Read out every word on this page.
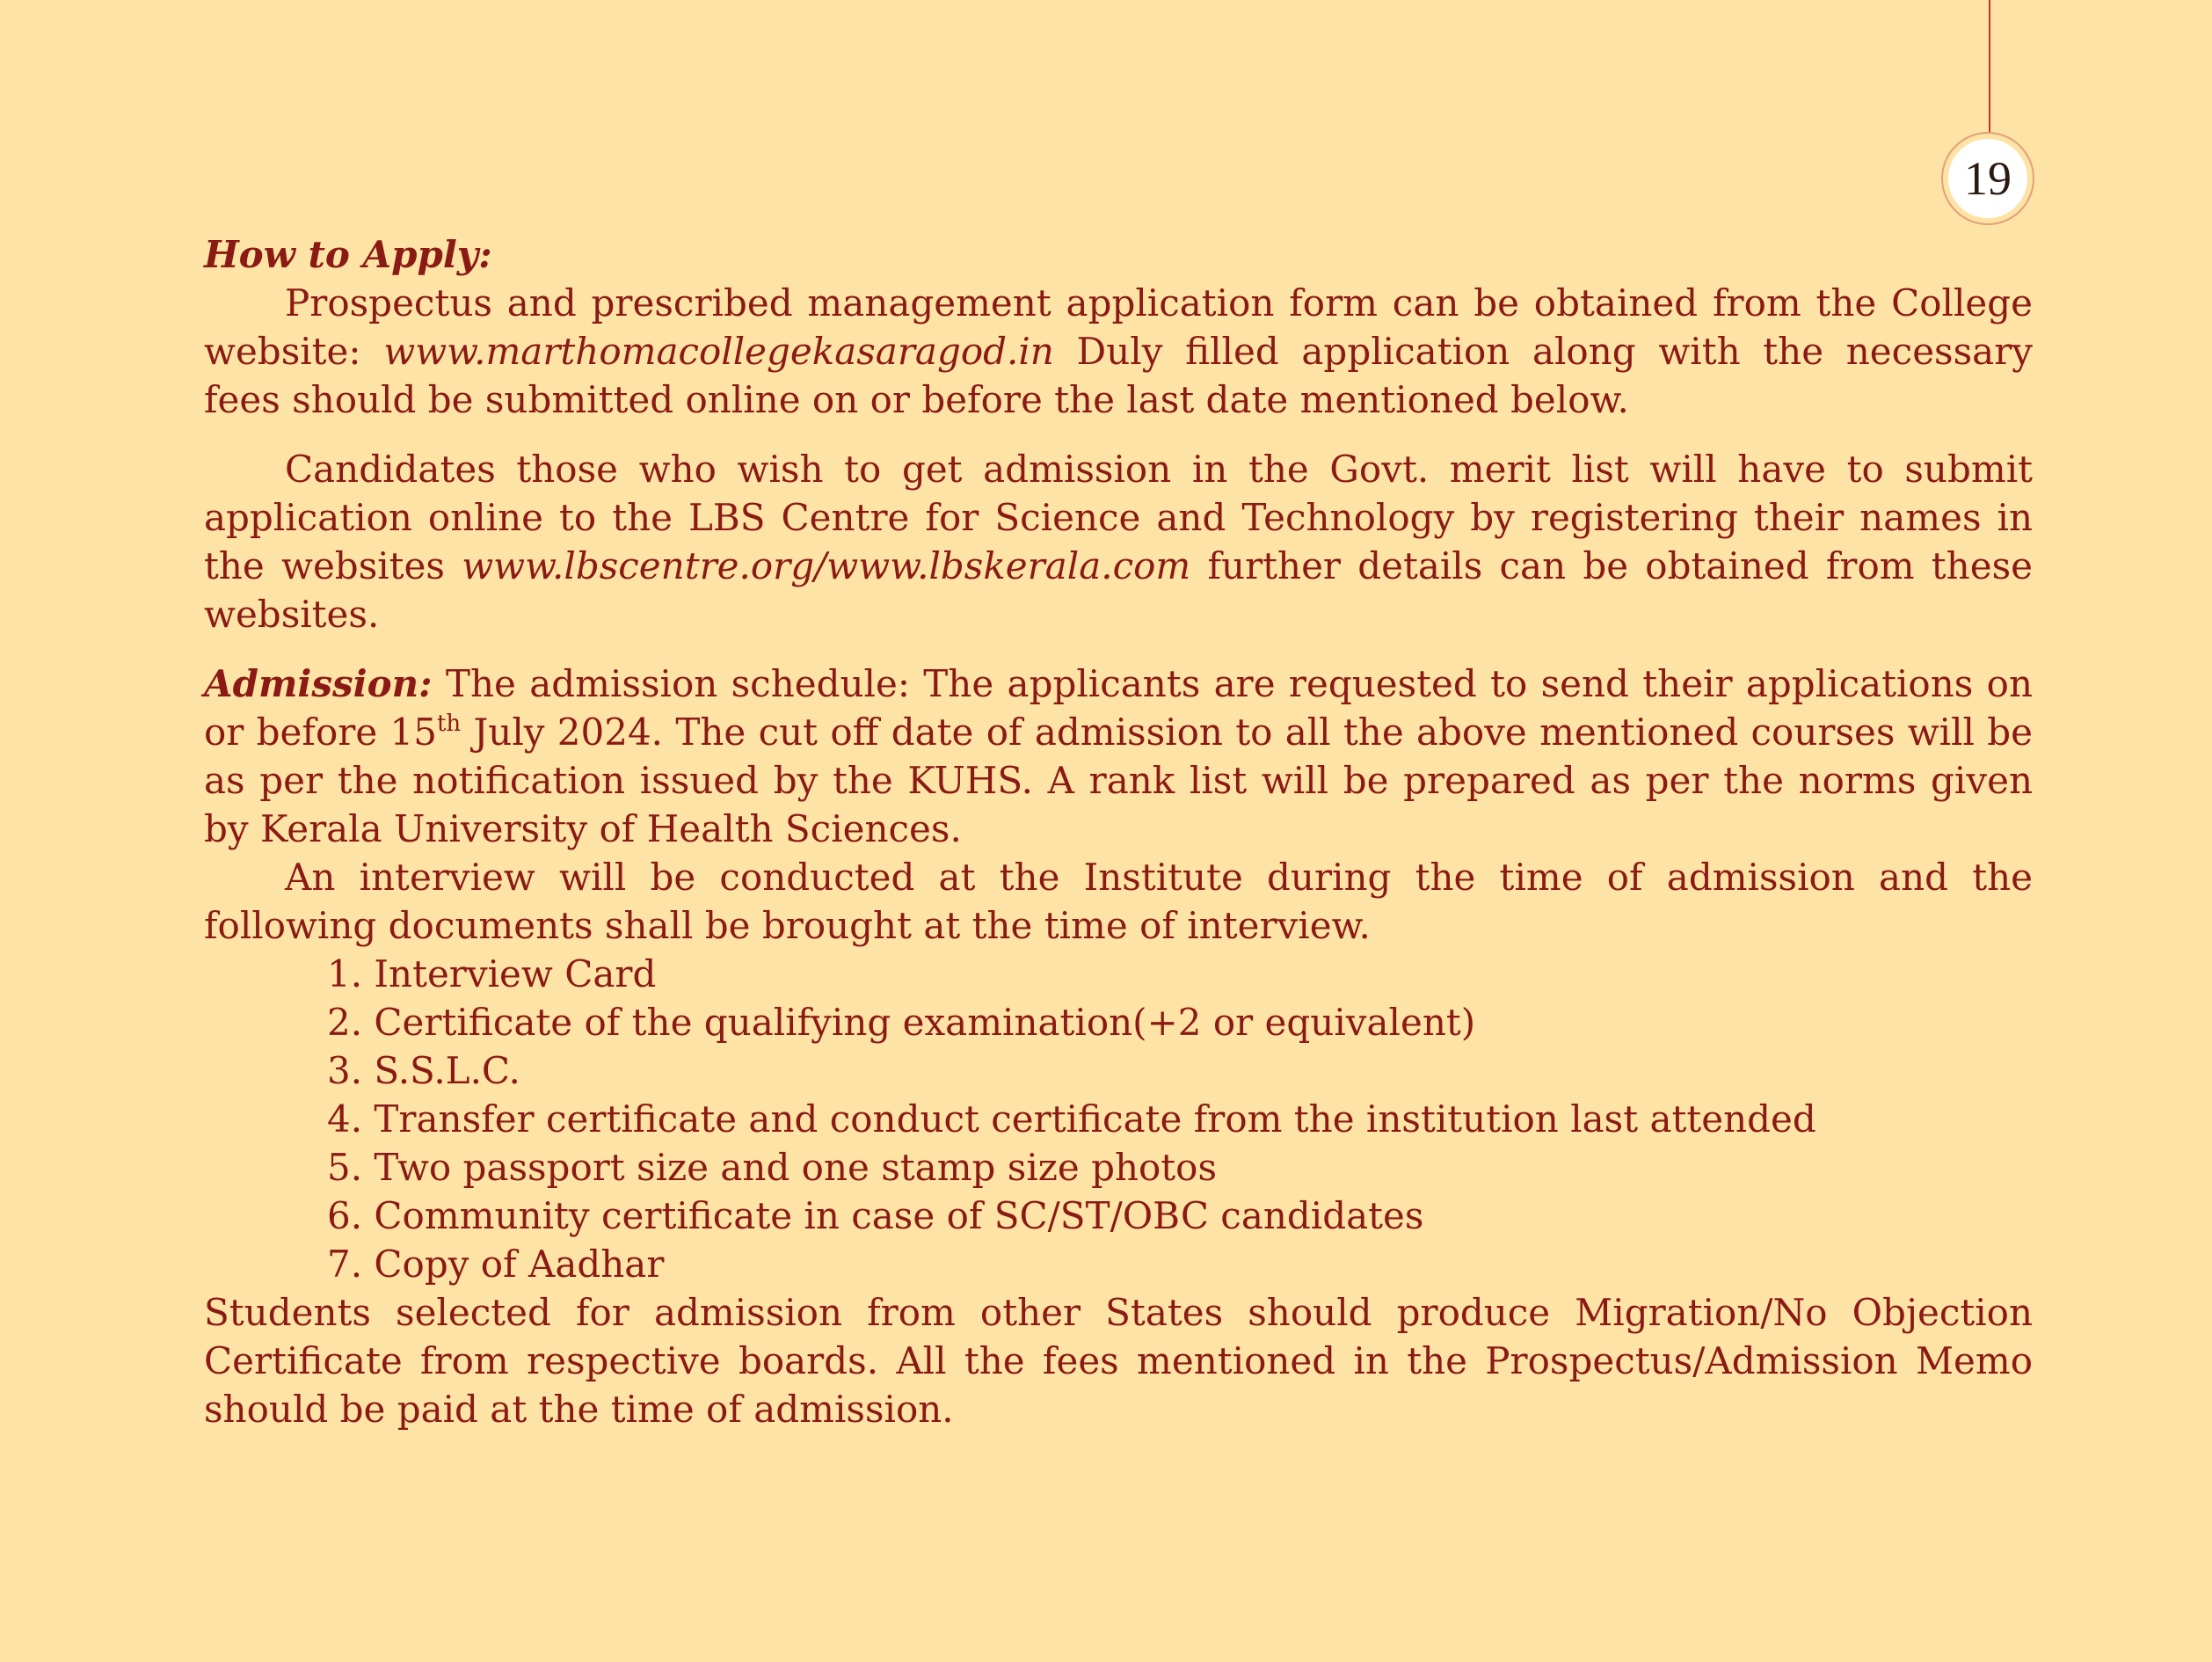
19

How to Apply:

Prospectus and prescribed management application form can be obtained from the College website: www.marthomacollegekasaragod.in Duly filled application along with the necessary fees should be submitted online on or before the last date mentioned below.

Candidates those who wish to get admission in the Govt. merit list will have to submit application online to the LBS Centre for Science and Technology by registering their names in the websites www.lbscentre.org/www.lbskerala.com further details can be obtained from these websites.

Admission: The admission schedule: The applicants are requested to send their applications on or before 15th July 2024. The cut off date of admission to all the above mentioned courses will be as per the notification issued by the KUHS. A rank list will be prepared as per the norms given by Kerala University of Health Sciences.

An interview will be conducted at the Institute during the time of admission and the following documents shall be brought at the time of interview.

1. Interview Card
2. Certificate of the qualifying examination(+2 or equivalent)
3. S.S.L.C.
4. Transfer certificate and conduct certificate from the institution last attended
5. Two passport size and one stamp size photos
6. Community certificate in case of SC/ST/OBC candidates
7. Copy of Aadhar

Students selected for admission from other States should produce Migration/No Objection Certificate from respective boards. All the fees mentioned in the Prospectus/Admission Memo should be paid at the time of admission.
